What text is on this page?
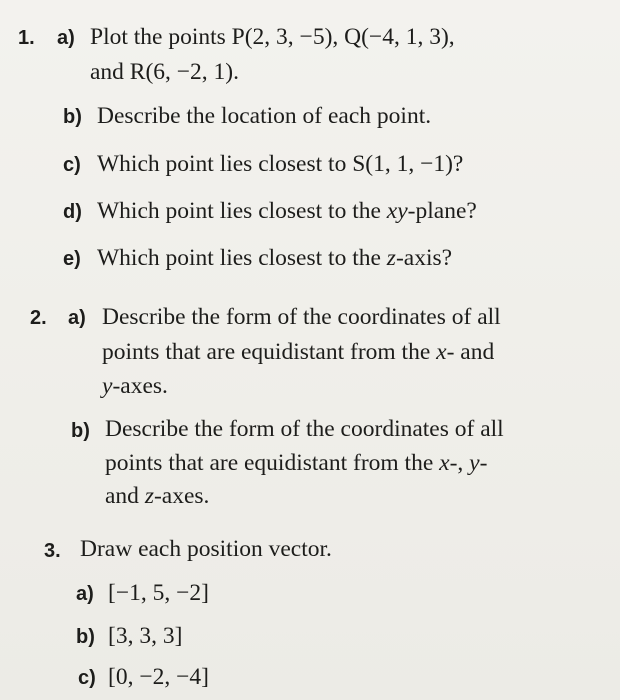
1. a) Plot the points P(2, 3, −5), Q(−4, 1, 3),
and R(6, −2, 1).
b) Describe the location of each point.
c) Which point lies closest to S(1, 1, −1)?
d) Which point lies closest to the xy-plane?
e) Which point lies closest to the z-axis?
2. a) Describe the form of the coordinates of all
points that are equidistant from the x- and
y-axes.
b) Describe the form of the coordinates of all
points that are equidistant from the x-, y-
and z-axes.
3. Draw each position vector.
a) [−1, 5, −2]
b) [3, 3, 3]
c) [0, −2, −4]
